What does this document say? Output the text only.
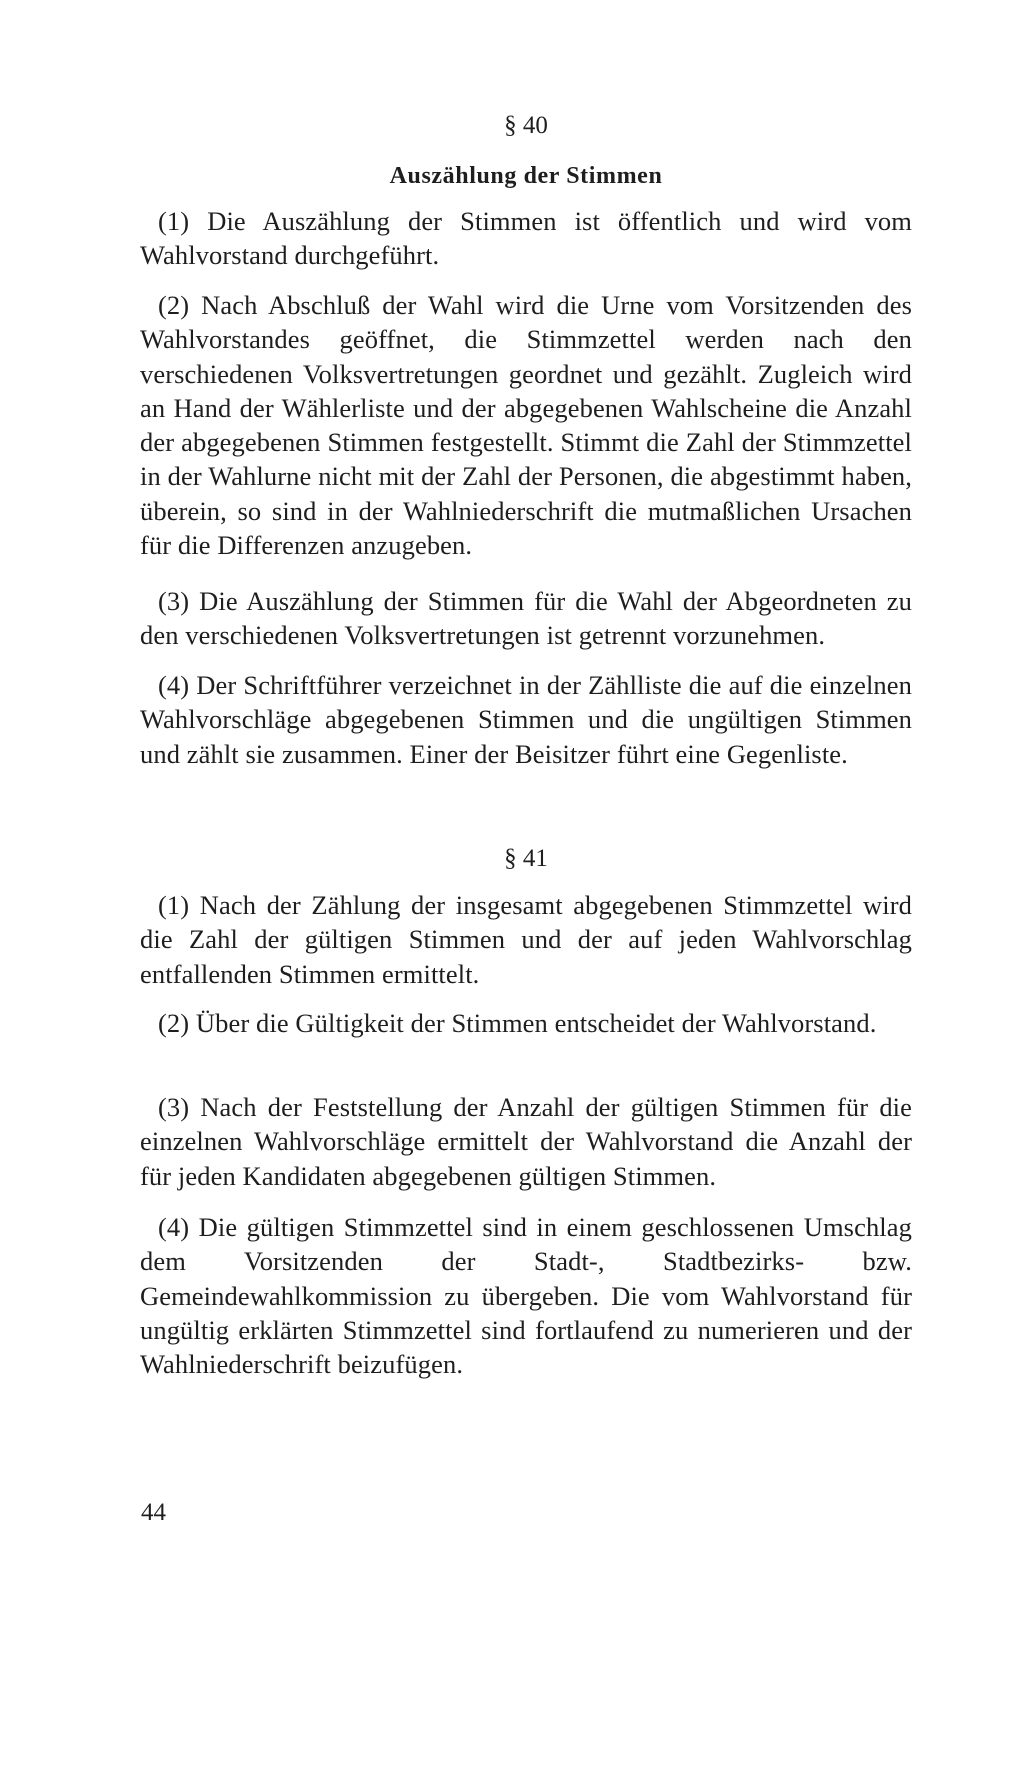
§ 40

Auszählung der Stimmen

(1) Die Auszählung der Stimmen ist öffentlich und wird vom Wahlvorstand durchgeführt.

(2) Nach Abschluß der Wahl wird die Urne vom Vorsitzenden des Wahlvorstandes geöffnet, die Stimmzettel werden nach den verschiedenen Volksvertretungen geordnet und gezählt. Zugleich wird an Hand der Wählerliste und der abgegebenen Wahlscheine die Anzahl der abgegebenen Stimmen festgestellt. Stimmt die Zahl der Stimmzettel in der Wahlurne nicht mit der Zahl der Personen, die abgestimmt haben, überein, so sind in der Wahlniederschrift die mutmaßlichen Ursachen für die Differenzen anzugeben.

(3) Die Auszählung der Stimmen für die Wahl der Abgeordneten zu den verschiedenen Volksvertretungen ist getrennt vorzunehmen.

(4) Der Schriftführer verzeichnet in der Zählliste die auf die einzelnen Wahlvorschläge abgegebenen Stimmen und die ungültigen Stimmen und zählt sie zusammen. Einer der Beisitzer führt eine Gegenliste.

§ 41

(1) Nach der Zählung der insgesamt abgegebenen Stimmzettel wird die Zahl der gültigen Stimmen und der auf jeden Wahlvorschlag entfallenden Stimmen ermittelt.

(2) Über die Gültigkeit der Stimmen entscheidet der Wahlvorstand.

(3) Nach der Feststellung der Anzahl der gültigen Stimmen für die einzelnen Wahlvorschläge ermittelt der Wahlvorstand die Anzahl der für jeden Kandidaten abgegebenen gültigen Stimmen.

(4) Die gültigen Stimmzettel sind in einem geschlossenen Umschlag dem Vorsitzenden der Stadt-, Stadtbezirks- bzw. Gemeindewahlkommission zu übergeben. Die vom Wahlvorstand für ungültig erklärten Stimmzettel sind fortlaufend zu numerieren und der Wahlniederschrift beizufügen.

44
